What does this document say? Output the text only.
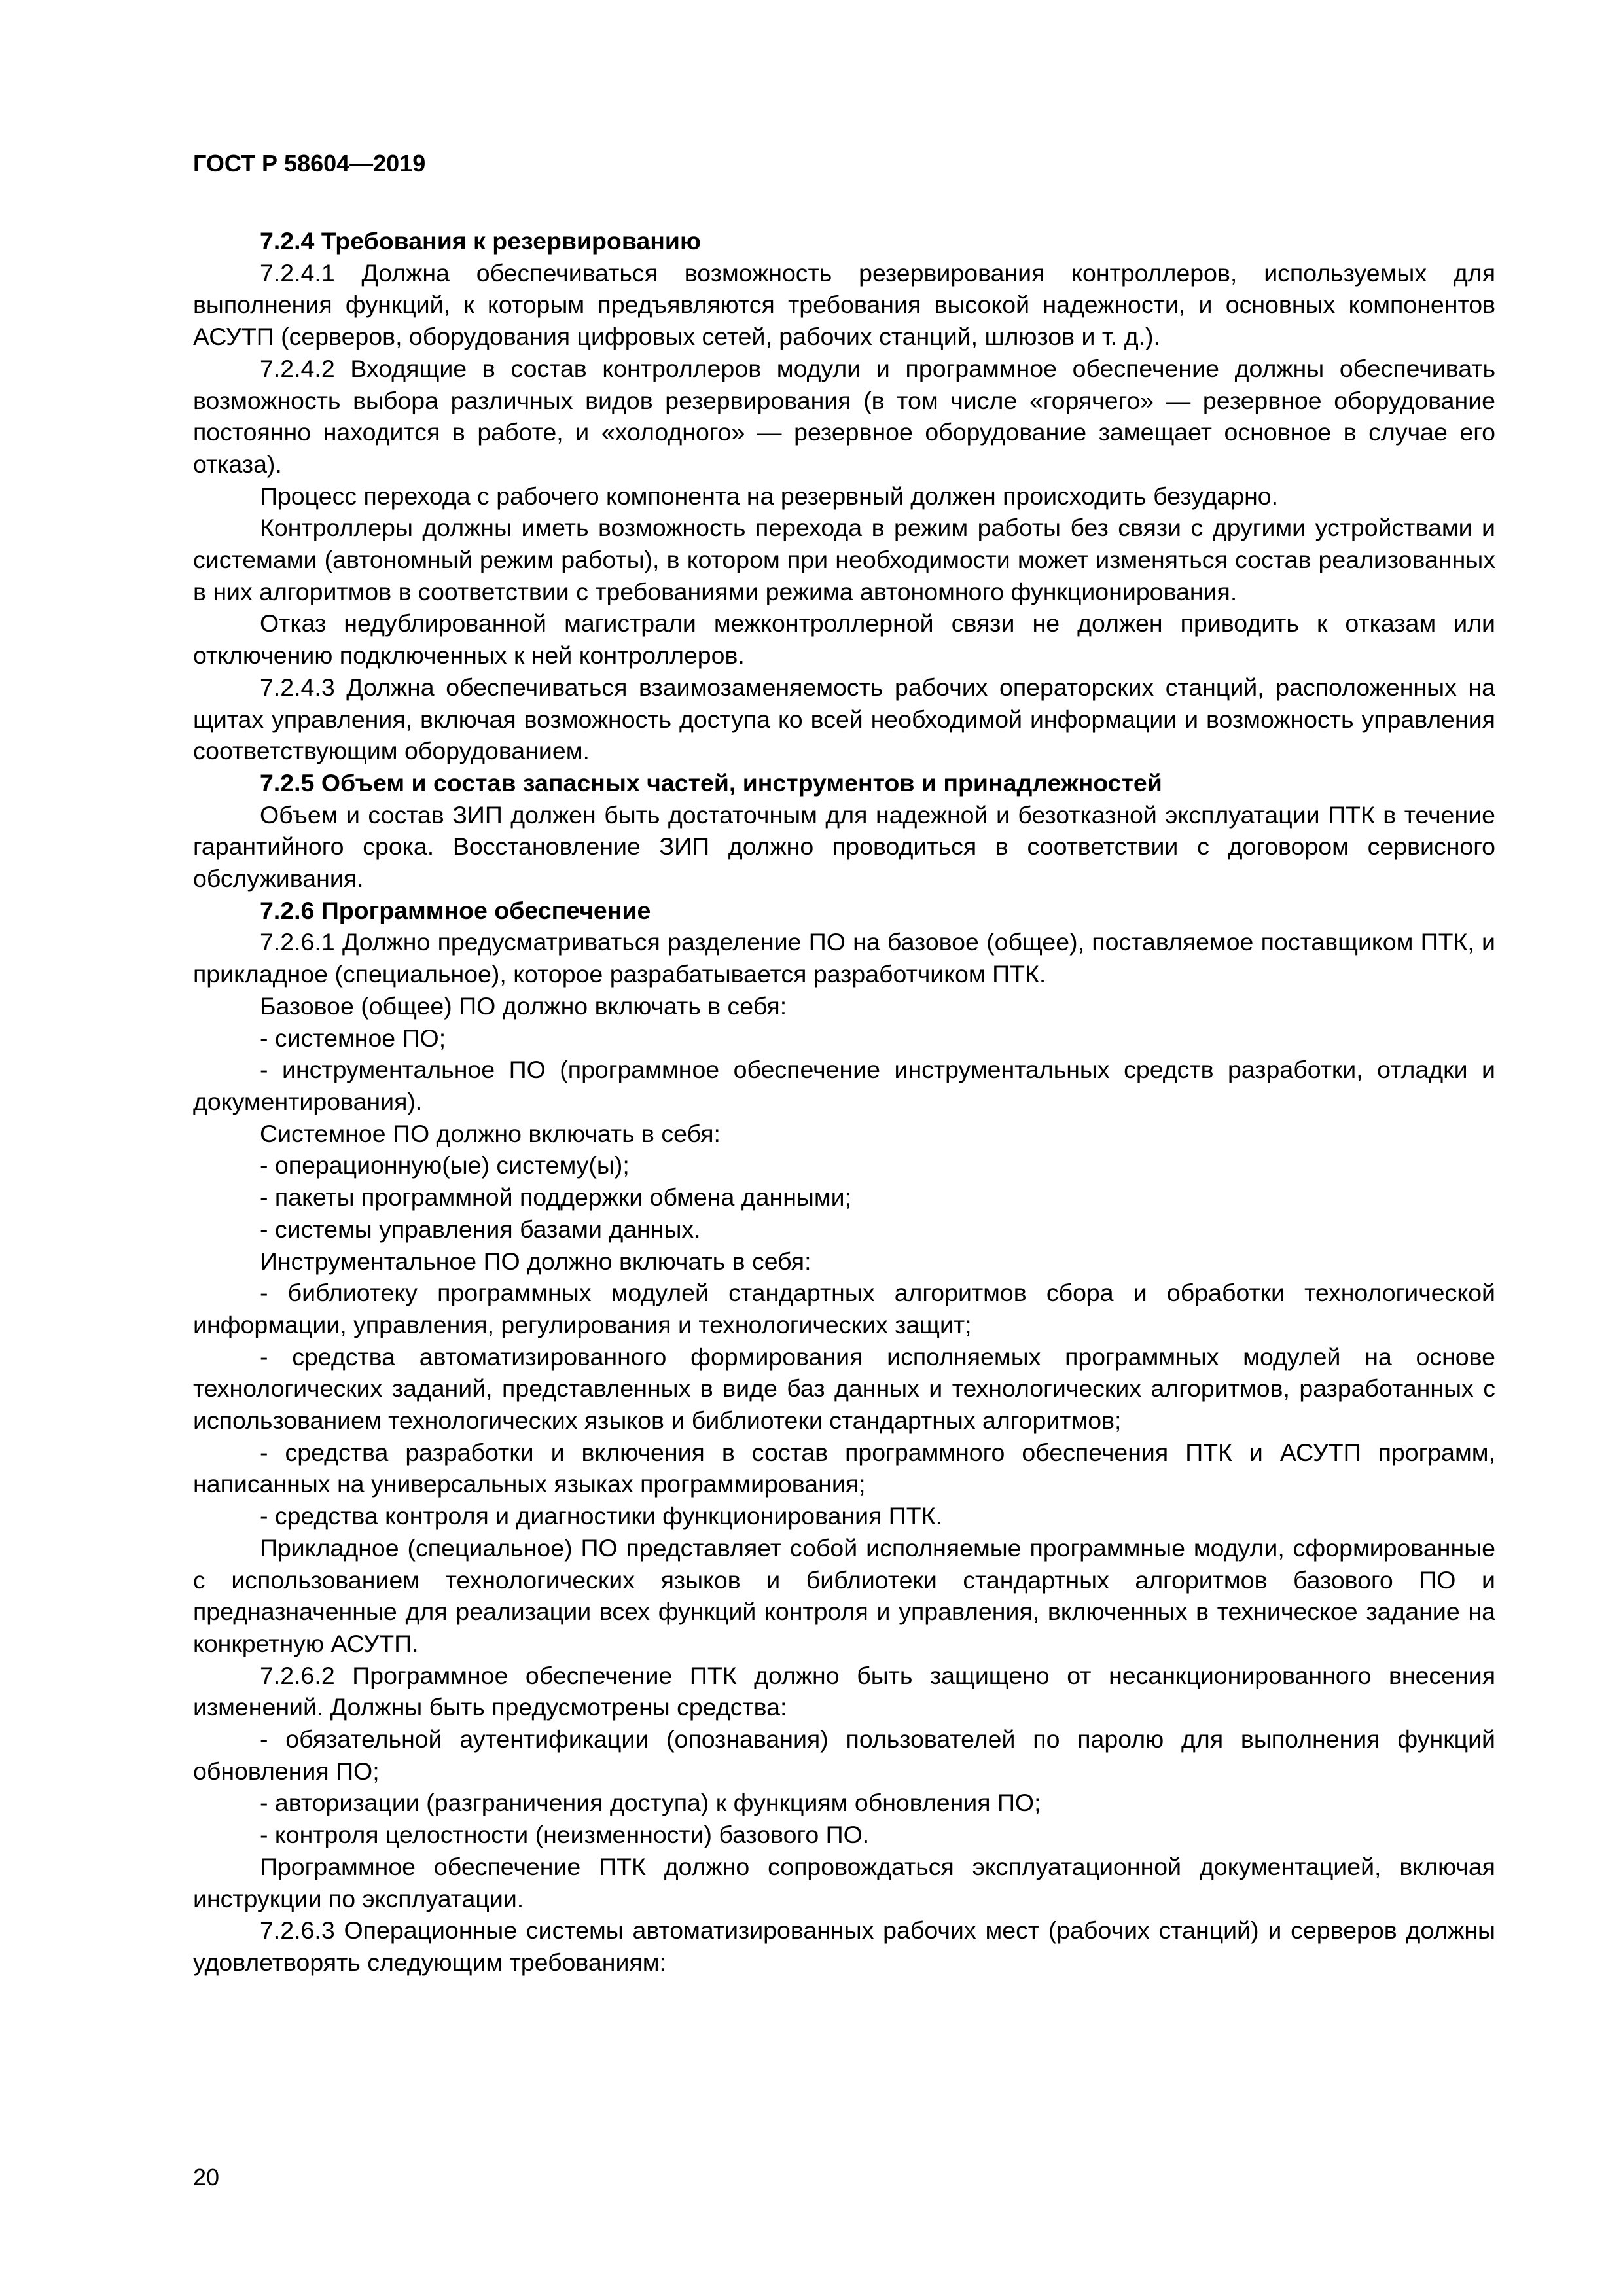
ГОСТ Р 58604—2019

7.2.4 Требования к резервированию

7.2.4.1 Должна обеспечиваться возможность резервирования контроллеров, используемых для выполнения функций, к которым предъявляются требования высокой надежности, и основных компонентов АСУТП (серверов, оборудования цифровых сетей, рабочих станций, шлюзов и т. д.).

7.2.4.2 Входящие в состав контроллеров модули и программное обеспечение должны обеспечивать возможность выбора различных видов резервирования (в том числе «горячего» — резервное оборудование постоянно находится в работе, и «холодного» — резервное оборудование замещает основное в случае его отказа).

Процесс перехода с рабочего компонента на резервный должен происходить безударно.

Контроллеры должны иметь возможность перехода в режим работы без связи с другими устройствами и системами (автономный режим работы), в котором при необходимости может изменяться состав реализованных в них алгоритмов в соответствии с требованиями режима автономного функционирования.

Отказ недублированной магистрали межконтроллерной связи не должен приводить к отказам или отключению подключенных к ней контроллеров.

7.2.4.3 Должна обеспечиваться взаимозаменяемость рабочих операторских станций, расположенных на щитах управления, включая возможность доступа ко всей необходимой информации и возможность управления соответствующим оборудованием.

7.2.5 Объем и состав запасных частей, инструментов и принадлежностей

Объем и состав ЗИП должен быть достаточным для надежной и безотказной эксплуатации ПТК в течение гарантийного срока. Восстановление ЗИП должно проводиться в соответствии с договором сервисного обслуживания.

7.2.6 Программное обеспечение

7.2.6.1 Должно предусматриваться разделение ПО на базовое (общее), поставляемое поставщиком ПТК, и прикладное (специальное), которое разрабатывается разработчиком ПТК.

Базовое (общее) ПО должно включать в себя:

- системное ПО;

- инструментальное ПО (программное обеспечение инструментальных средств разработки, отладки и документирования).

Системное ПО должно включать в себя:

- операционную(ые) систему(ы);

- пакеты программной поддержки обмена данными;

- системы управления базами данных.

Инструментальное ПО должно включать в себя:

- библиотеку программных модулей стандартных алгоритмов сбора и обработки технологической информации, управления, регулирования и технологических защит;

- средства автоматизированного формирования исполняемых программных модулей на основе технологических заданий, представленных в виде баз данных и технологических алгоритмов, разработанных с использованием технологических языков и библиотеки стандартных алгоритмов;

- средства разработки и включения в состав программного обеспечения ПТК и АСУТП программ, написанных на универсальных языках программирования;

- средства контроля и диагностики функционирования ПТК.

Прикладное (специальное) ПО представляет собой исполняемые программные модули, сформированные с использованием технологических языков и библиотеки стандартных алгоритмов базового ПО и предназначенные для реализации всех функций контроля и управления, включенных в техническое задание на конкретную АСУТП.

7.2.6.2 Программное обеспечение ПТК должно быть защищено от несанкционированного внесения изменений. Должны быть предусмотрены средства:

- обязательной аутентификации (опознавания) пользователей по паролю для выполнения функций обновления ПО;

- авторизации (разграничения доступа) к функциям обновления ПО;

- контроля целостности (неизменности) базового ПО.

Программное обеспечение ПТК должно сопровождаться эксплуатационной документацией, включая инструкции по эксплуатации.

7.2.6.3 Операционные системы автоматизированных рабочих мест (рабочих станций) и серверов должны удовлетворять следующим требованиям:

20
